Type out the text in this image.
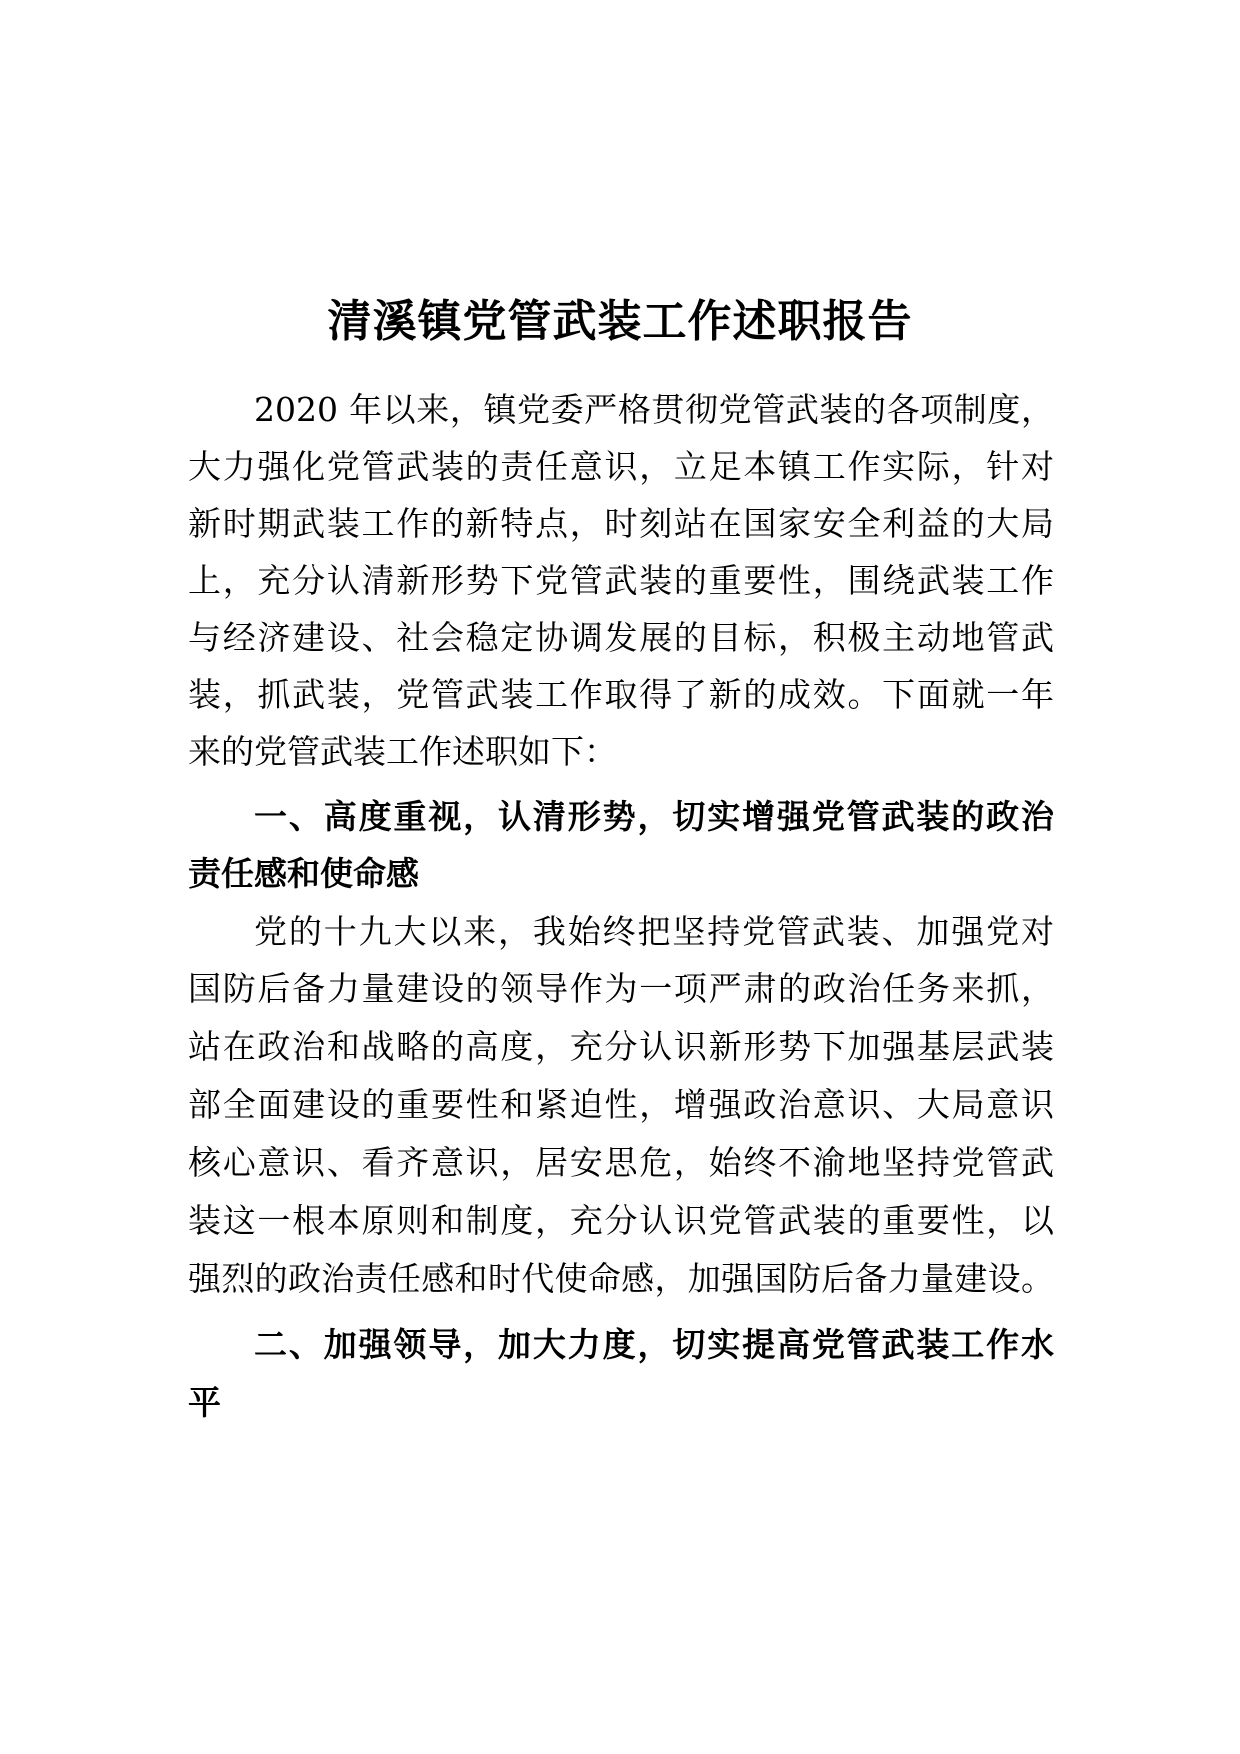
清溪镇党管武装工作述职报告
2020 年以来，镇党委严格贯彻党管武装的各项制度，
大力强化党管武装的责任意识，立足本镇工作实际，针对
新时期武装工作的新特点，时刻站在国家安全利益的大局
上，充分认清新形势下党管武装的重要性，围绕武装工作
与经济建设、社会稳定协调发展的目标，积极主动地管武
装，抓武装，党管武装工作取得了新的成效。下面就一年
来的党管武装工作述职如下：
一、高度重视，认清形势，切实增强党管武装的政治
责任感和使命感
党的十九大以来，我始终把坚持党管武装、加强党对
国防后备力量建设的领导作为一项严肃的政治任务来抓，
站在政治和战略的高度，充分认识新形势下加强基层武装
部全面建设的重要性和紧迫性，增强政治意识、大局意识
核心意识、看齐意识，居安思危，始终不渝地坚持党管武
装这一根本原则和制度，充分认识党管武装的重要性，以
强烈的政治责任感和时代使命感，加强国防后备力量建设。
二、加强领导，加大力度，切实提高党管武装工作水
平
